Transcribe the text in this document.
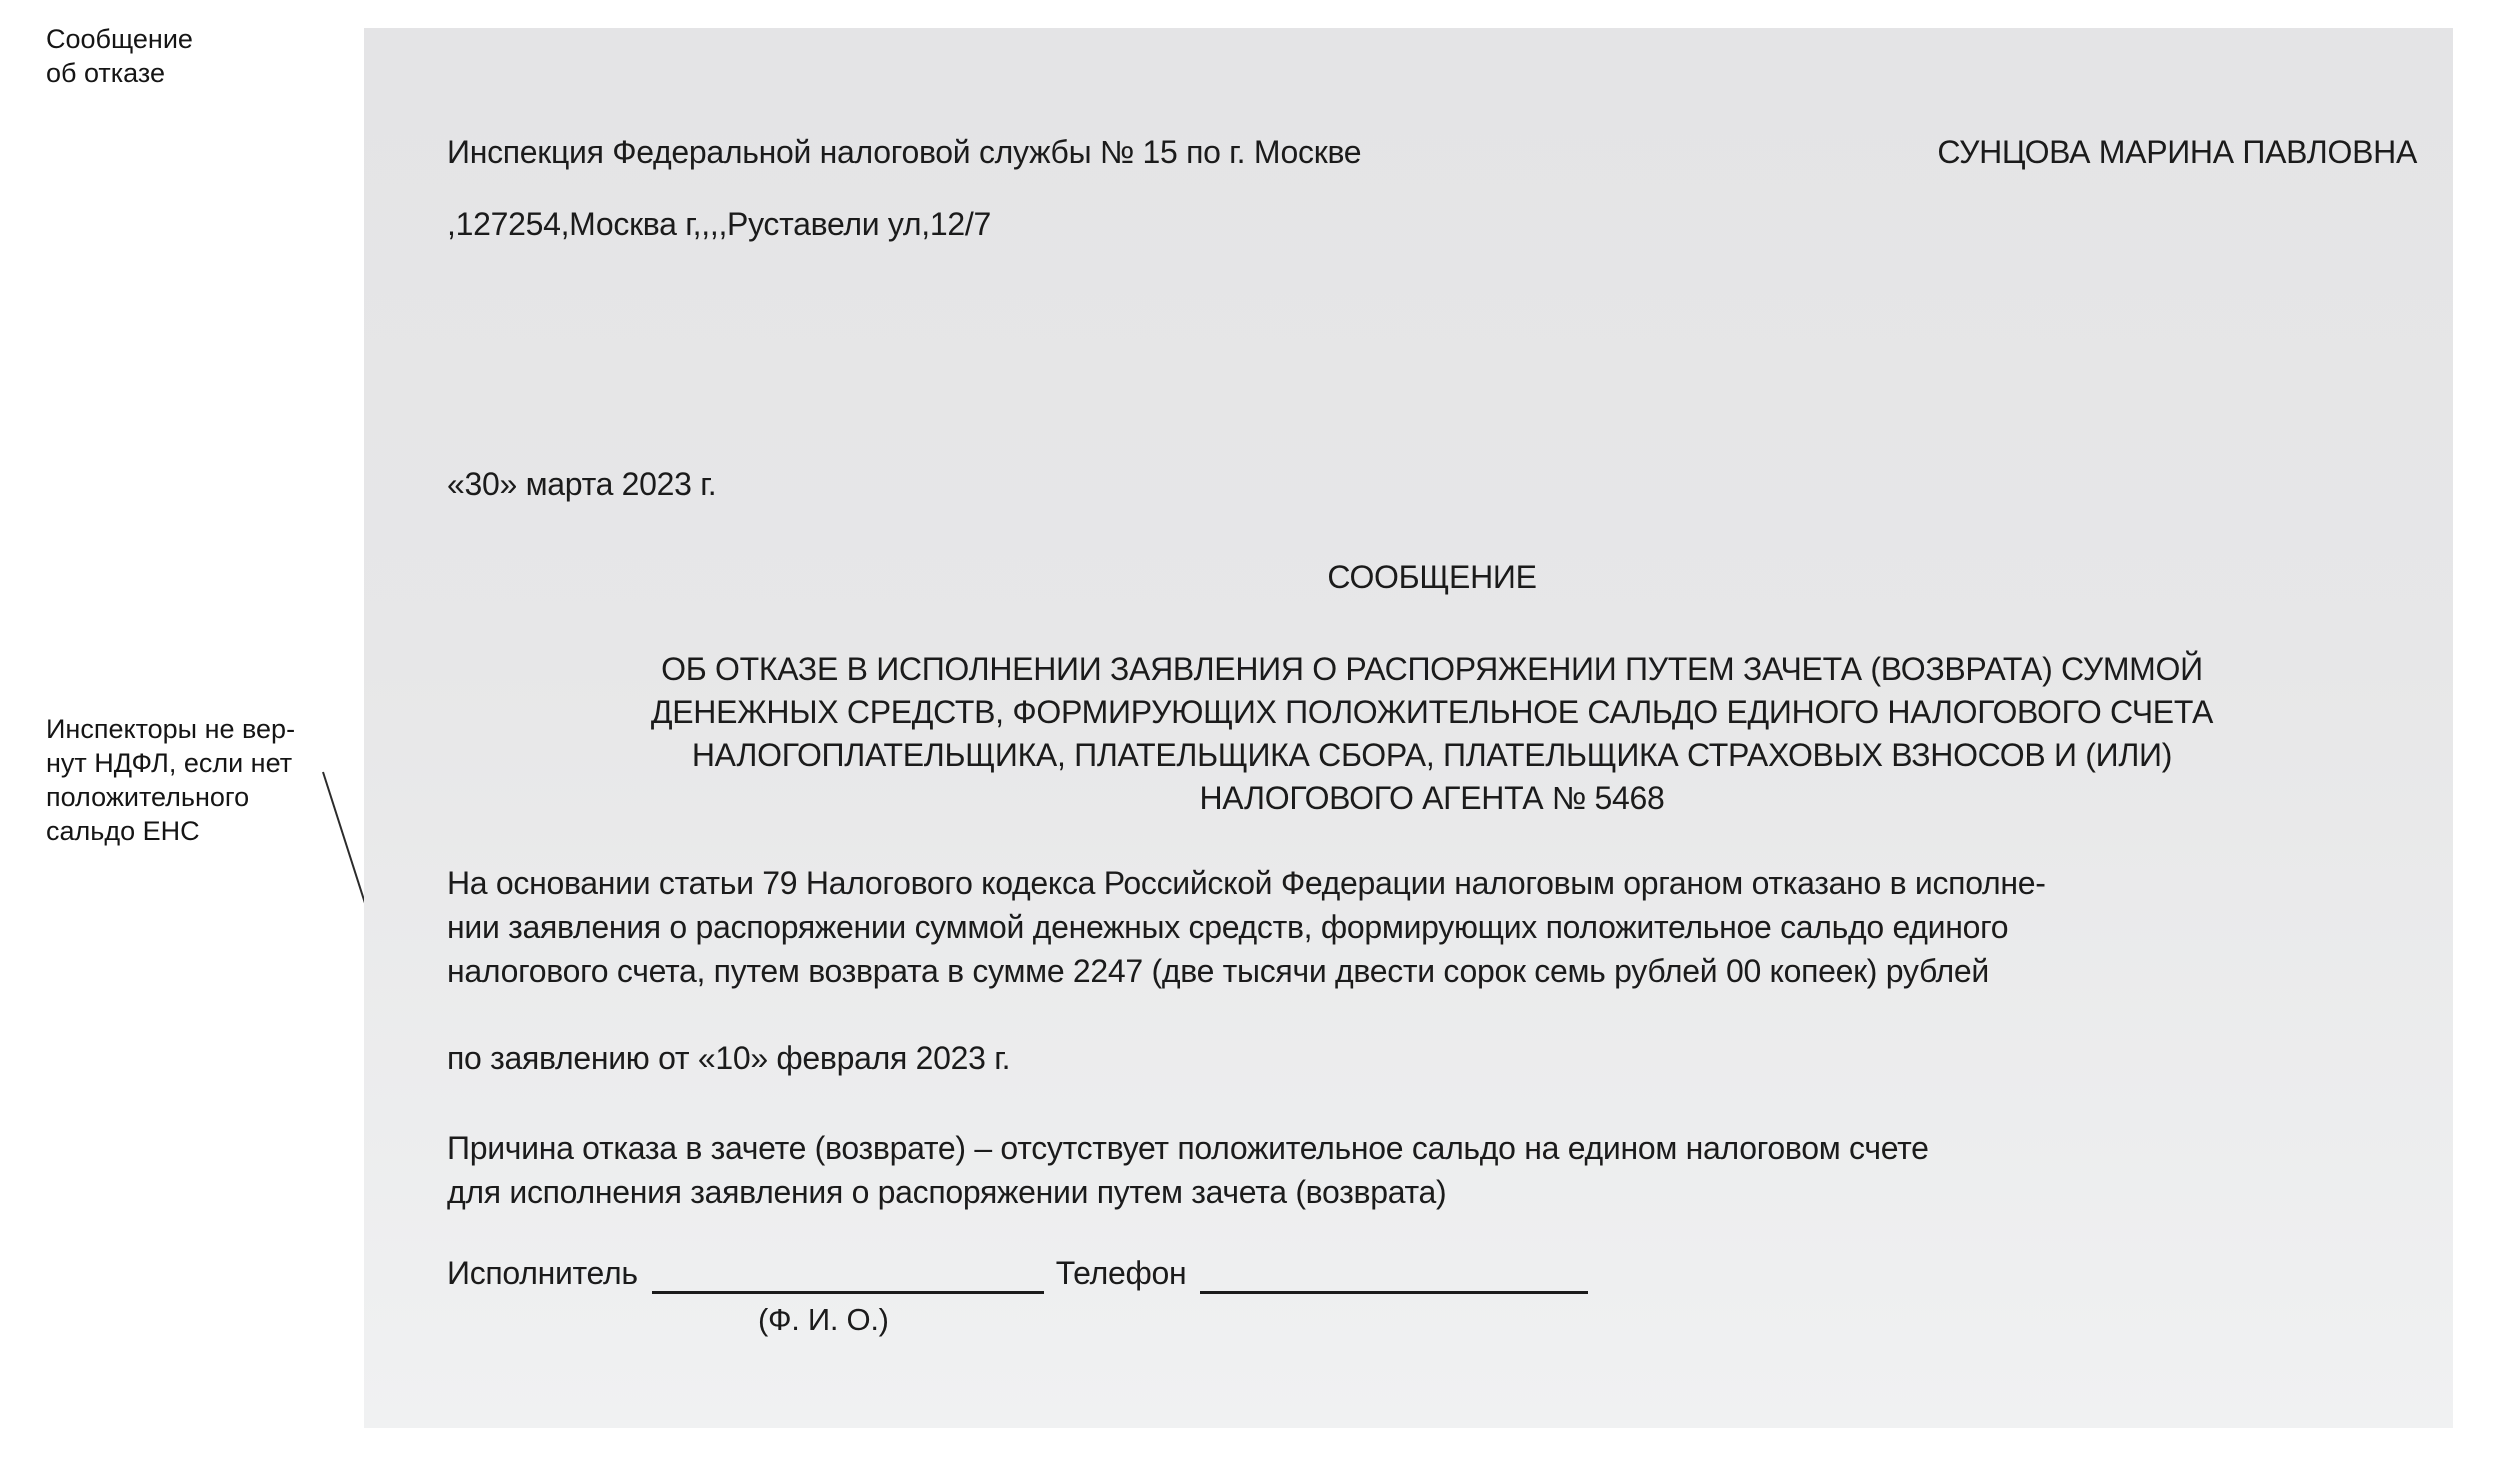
Сообщение
об отказе
Инспекторы не вер-
нут НДФЛ, если нет
положительного
сальдо ЕНС
Инспекция Федеральной налоговой службы № 15 по г. Москве
,127254,Москва г,,,,Руставели ул,12/7
СУНЦОВА МАРИНА ПАВЛОВНА
«30» марта 2023 г.
СООБЩЕНИЕ
ОБ ОТКАЗЕ В ИСПОЛНЕНИИ ЗАЯВЛЕНИЯ О РАСПОРЯЖЕНИИ ПУТЕМ ЗАЧЕТА (ВОЗВРАТА) СУММОЙ
ДЕНЕЖНЫХ СРЕДСТВ, ФОРМИРУЮЩИХ ПОЛОЖИТЕЛЬНОЕ САЛЬДО ЕДИНОГО НАЛОГОВОГО СЧЕТА
НАЛОГОПЛАТЕЛЬЩИКА, ПЛАТЕЛЬЩИКА СБОРА, ПЛАТЕЛЬЩИКА СТРАХОВЫХ ВЗНОСОВ И (ИЛИ)
НАЛОГОВОГО АГЕНТА № 5468
На основании статьи 79 Налогового кодекса Российской Федерации налоговым органом отказано в исполне-
нии заявления о распоряжении суммой денежных средств, формирующих положительное сальдо единого
налогового счета, путем возврата в сумме 2247 (две тысячи двести сорок семь рублей 00 копеек) рублей
по заявлению от «10» февраля 2023 г.
Причина отказа в зачете (возврате) – отсутствует положительное сальдо на едином налоговом счете
для исполнения заявления о распоряжении путем зачета (возврата)
Исполнитель	Телефон
(Ф. И. О.)
